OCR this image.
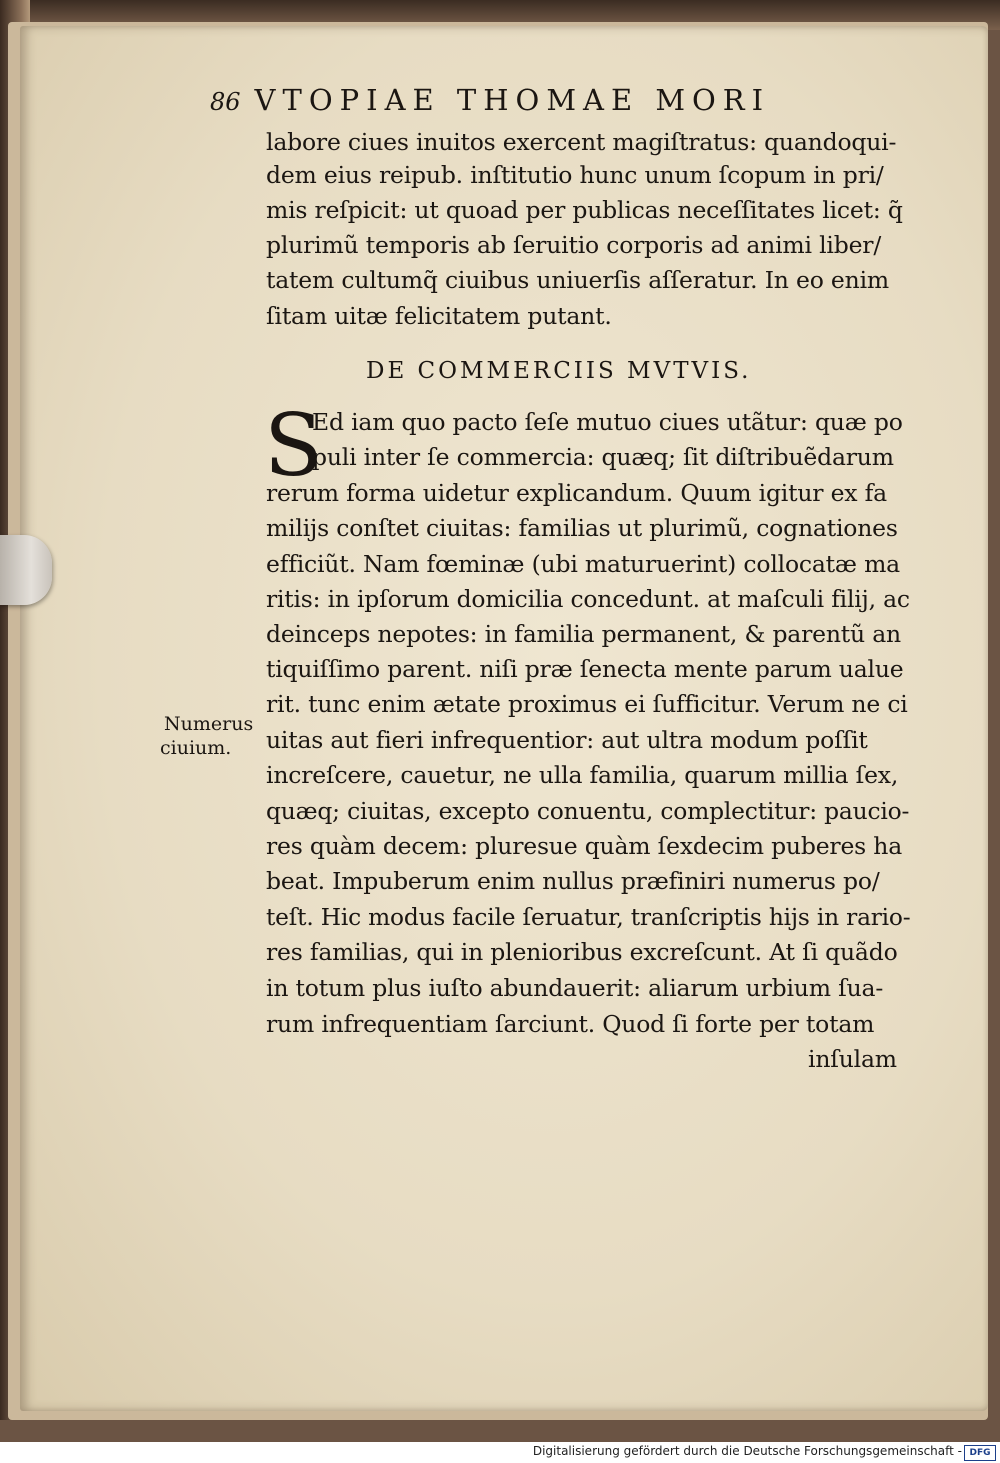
86 VTOPIAE THOMAE MORI
labore ciues inuitos exercent magiſtratus: quandoqui-
dem eius reipub. inſtitutio hunc unum ſcopum in pri/
mis reſpicit: ut quoad per publicas neceſſitates licet: q̃
plurimũ temporis ab ſeruitio corporis ad animi liber/
tatem cultumq̃ ciuibus uniuerſis aſſeratur. In eo enim
ſitam uitæ felicitatem putant.
DE COMMERCIIS MVTVIS.
S
Ed iam quo pacto ſeſe mutuo ciues utãtur: quæ po
puli inter ſe commercia: quæq; ſit diſtribuẽdarum
rerum forma uidetur explicandum. Quum igitur ex fa
milijs conſtet ciuitas: familias ut plurimũ, cognationes
efficiũt. Nam fœminæ (ubi maturuerint) collocatæ ma
ritis: in ipſorum domicilia concedunt. at maſculi filij, ac
deinceps nepotes: in familia permanent, & parentũ an
tiquiſſimo parent. niſi præ ſenecta mente parum ualue
rit. tunc enim ætate proximus ei ſufficitur. Verum ne ci
uitas aut fieri infrequentior: aut ultra modum poſſit
increſcere, cauetur, ne ulla familia, quarum millia ſex,
quæq; ciuitas, excepto conuentu, complectitur: paucio-
res quàm decem: pluresue quàm ſexdecim puberes ha
beat. Impuberum enim nullus præfiniri numerus po/
teſt. Hic modus facile ſeruatur, tranſcriptis hijs in rario-
res familias, qui in plenioribus excreſcunt. At ſi quãdo
in totum plus iuſto abundauerit: aliarum urbium ſua-
rum infrequentiam ſarciunt. Quod ſi forte per totam
inſulam
Numerus
ciuium.
Digitalisierung gefördert durch die Deutsche Forschungsgemeinschaft - DFG
